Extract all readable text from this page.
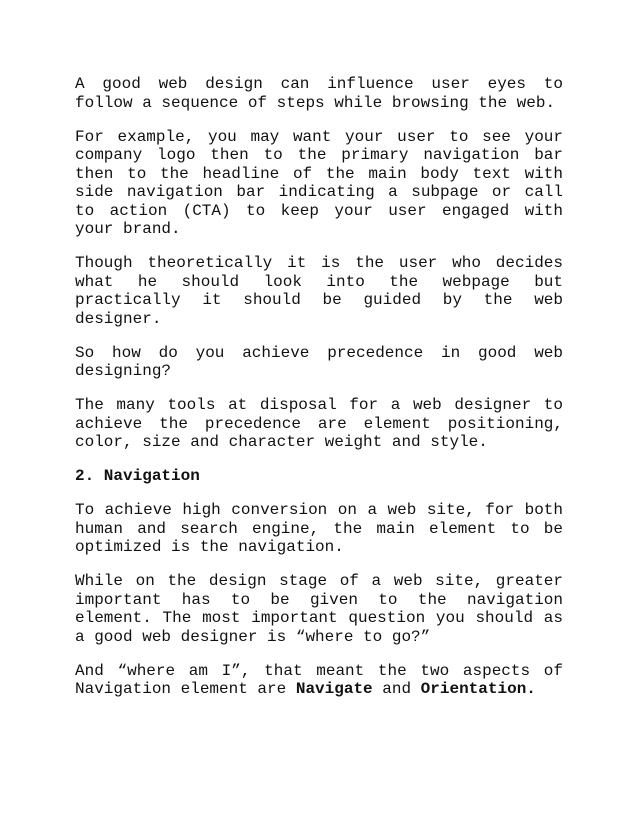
A good web design can influence user eyes to follow a sequence of steps while browsing the web.

For example, you may want your user to see your company logo then to the primary navigation bar then to the headline of the main body text with side navigation bar indicating a subpage or call to action (CTA) to keep your user engaged with your brand.

Though theoretically it is the user who decides what he should look into the webpage but practically it should be guided by the web designer.

So how do you achieve precedence in good web designing?

The many tools at disposal for a web designer to achieve the precedence are element positioning, color, size and character weight and style.

2. Navigation

To achieve high conversion on a web site, for both human and search engine, the main element to be optimized is the navigation.

While on the design stage of a web site, greater important has to be given to the navigation element. The most important question you should as a good web designer is “where to go?”

And “where am I”, that meant the two aspects of Navigation element are Navigate and Orientation.
